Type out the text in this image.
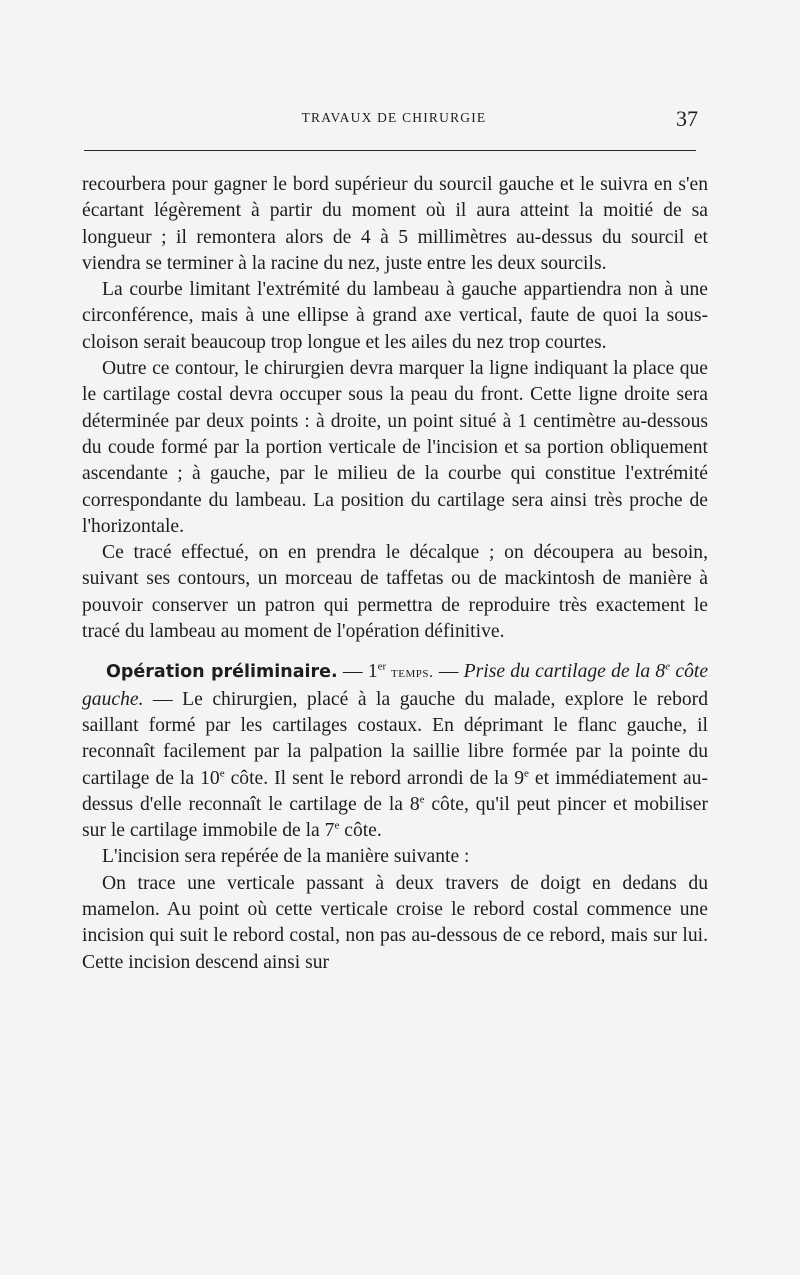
TRAVAUX DE CHIRURGIE	37

recourbera pour gagner le bord supérieur du sourcil gauche et le suivra en s'en écartant légèrement à partir du moment où il aura atteint la moitié de sa longueur ; il remontera alors de 4 à 5 millimètres au-dessus du sourcil et viendra se terminer à la racine du nez, juste entre les deux sourcils.

La courbe limitant l'extrémité du lambeau à gauche appartiendra non à une circonférence, mais à une ellipse à grand axe vertical, faute de quoi la sous-cloison serait beaucoup trop longue et les ailes du nez trop courtes.

Outre ce contour, le chirurgien devra marquer la ligne indiquant la place que le cartilage costal devra occuper sous la peau du front. Cette ligne droite sera déterminée par deux points : à droite, un point situé à 1 centimètre au-dessous du coude formé par la portion verticale de l'incision et sa portion obliquement ascendante ; à gauche, par le milieu de la courbe qui constitue l'extrémité correspondante du lambeau. La position du cartilage sera ainsi très proche de l'horizontale.

Ce tracé effectué, on en prendra le décalque ; on découpera au besoin, suivant ses contours, un morceau de taffetas ou de mackintosh de manière à pouvoir conserver un patron qui permettra de reproduire très exactement le tracé du lambeau au moment de l'opération définitive.

Opération préliminaire. — 1er temps. — Prise du cartilage de la 8e côte gauche. — Le chirurgien, placé à la gauche du malade, explore le rebord saillant formé par les cartilages costaux. En déprimant le flanc gauche, il reconnaît facilement par la palpation la saillie libre formée par la pointe du cartilage de la 10e côte. Il sent le rebord arrondi de la 9e et immédiatement au-dessus d'elle reconnaît le cartilage de la 8e côte, qu'il peut pincer et mobiliser sur le cartilage immobile de la 7e côte.

L'incision sera repérée de la manière suivante :

On trace une verticale passant à deux travers de doigt en dedans du mamelon. Au point où cette verticale croise le rebord costal commence une incision qui suit le rebord costal, non pas au-dessous de ce rebord, mais sur lui. Cette incision descend ainsi sur
